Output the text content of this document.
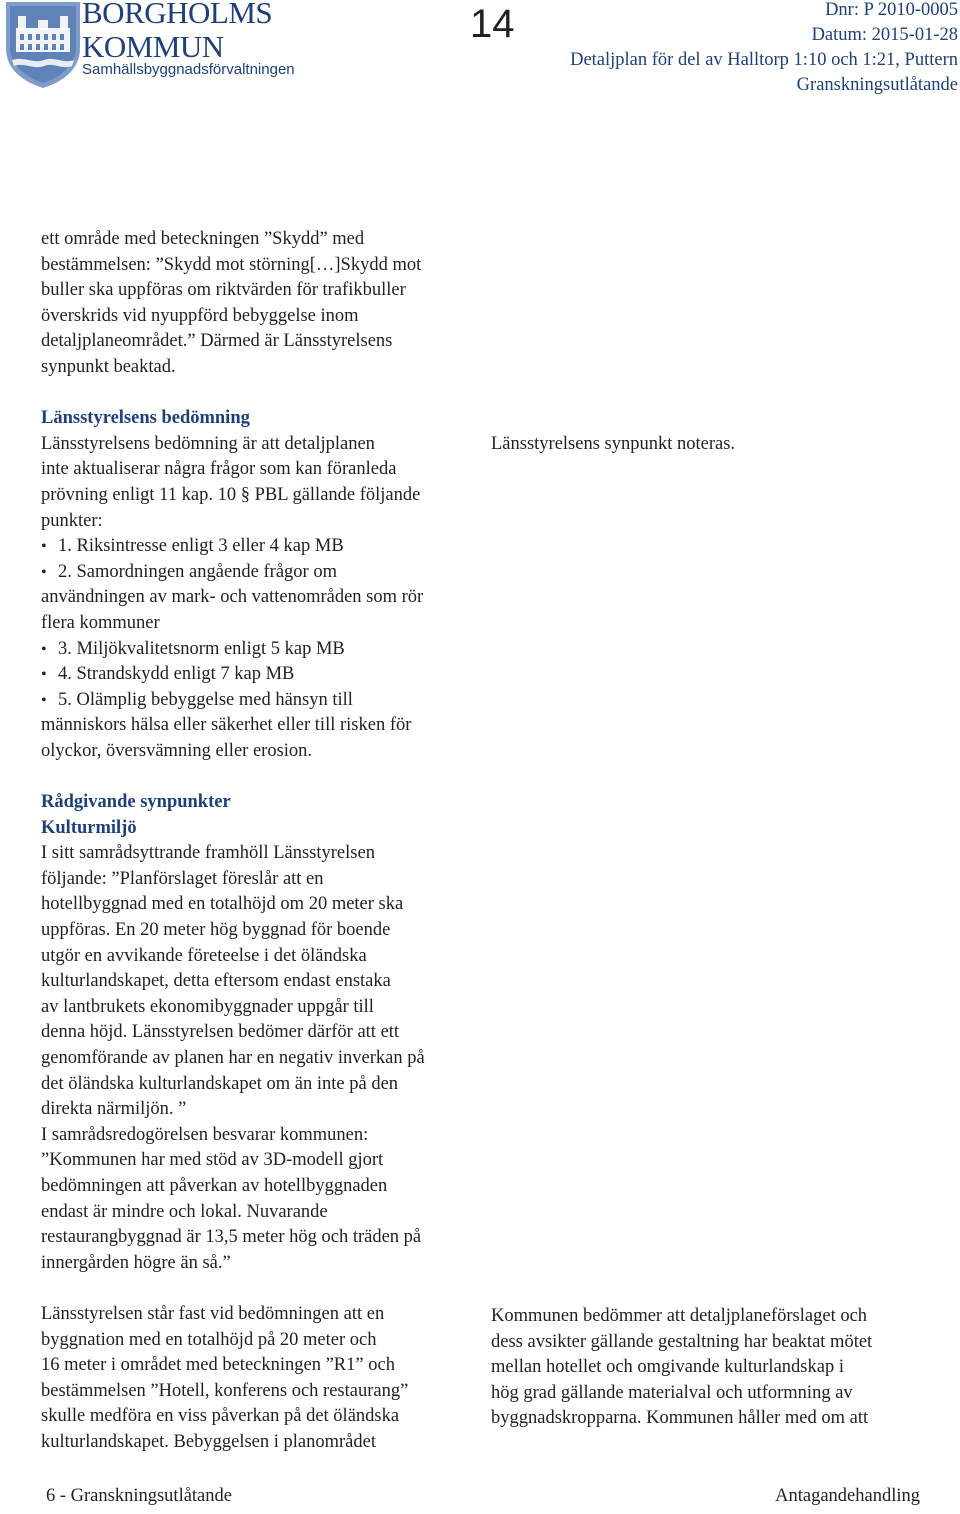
BORGHOLMS
KOMMUN
Samhällsbyggnadsförvaltningen
14	Dnr: P 2010-0005
Datum: 2015-01-28
Detaljplan för del av Halltorp 1:10 och 1:21, Puttern
Granskningsutlåtande

ett område med beteckningen ”Skydd” med

bestämmelsen: ”Skydd mot störning[…]Skydd mot

buller ska uppföras om riktvärden för trafikbuller

överskrids vid nyuppförd bebyggelse inom

detaljplaneområdet.” Därmed är Länsstyrelsens

synpunkt beaktad.

Länsstyrelsens bedömning

Länsstyrelsens bedömning är att detaljplanen

inte aktualiserar några frågor som kan föranleda

prövning enligt 11 kap. 10 § PBL gällande följande

punkter:

• 1. Riksintresse enligt 3 eller 4 kap MB

• 2. Samordningen angående frågor om

användningen av mark- och vattenområden som rör

flera kommuner

• 3. Miljökvalitetsnorm enligt 5 kap MB

• 4. Strandskydd enligt 7 kap MB

• 5. Olämplig bebyggelse med hänsyn till

människors hälsa eller säkerhet eller till risken för

olyckor, översvämning eller erosion.

Rådgivande synpunkter

Kulturmiljö

I sitt samrådsyttrande framhöll Länsstyrelsen

följande: ”Planförslaget föreslår att en

hotellbyggnad med en totalhöjd om 20 meter ska

uppföras. En 20 meter hög byggnad för boende

utgör en avvikande företeelse i det öländska

kulturlandskapet, detta eftersom endast enstaka

av lantbrukets ekonomibyggnader uppgår till

denna höjd. Länsstyrelsen bedömer därför att ett

genomförande av planen har en negativ inverkan på

det öländska kulturlandskapet om än inte på den

direkta närmiljön. ”

I samrådsredogörelsen besvarar kommunen:

”Kommunen har med stöd av 3D-modell gjort

bedömningen att påverkan av hotellbyggnaden

endast är mindre och lokal. Nuvarande

restaurangbyggnad är 13,5 meter hög och träden på

innergården högre än så.”

Länsstyrelsen står fast vid bedömningen att en

byggnation med en totalhöjd på 20 meter och

16 meter i området med beteckningen ”R1” och

bestämmelsen ”Hotell, konferens och restaurang”

skulle medföra en viss påverkan på det öländska

kulturlandskapet. Bebyggelsen i planområdet

Länsstyrelsens synpunkt noteras.

Kommunen bedömmer att detaljplaneförslaget och

dess avsikter gällande gestaltning har beaktat mötet

mellan hotellet och omgivande kulturlandskap i

hög grad gällande materialval och utformning av

byggnadskropparna. Kommunen håller med om att

6 - Granskningsutlåtande	Antagandehandling
